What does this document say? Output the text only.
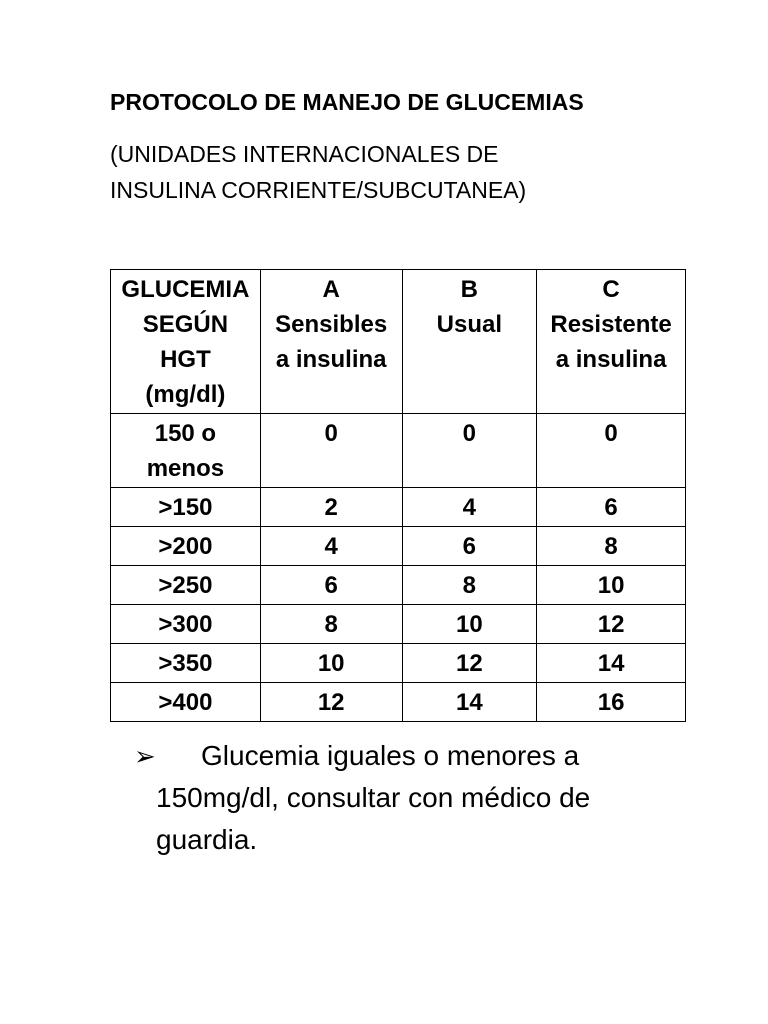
PROTOCOLO DE MANEJO DE GLUCEMIAS
(UNIDADES INTERNACIONALES DE
INSULINA CORRIENTE/SUBCUTANEA)
GLUCEMIA
SEGÚN
HGT
(mg/dl)	A
Sensibles
a insulina	B
Usual	C
Resistente
a insulina

150 o menos	0	0	0
>150	2	4	6
>200	4	6	8
>250	6	8	10
>300	8	10	12
>350	10	12	14
>400	12	14	16
➢	Glucemia iguales o menores a 150mg/dl, consultar con médico de guardia.
